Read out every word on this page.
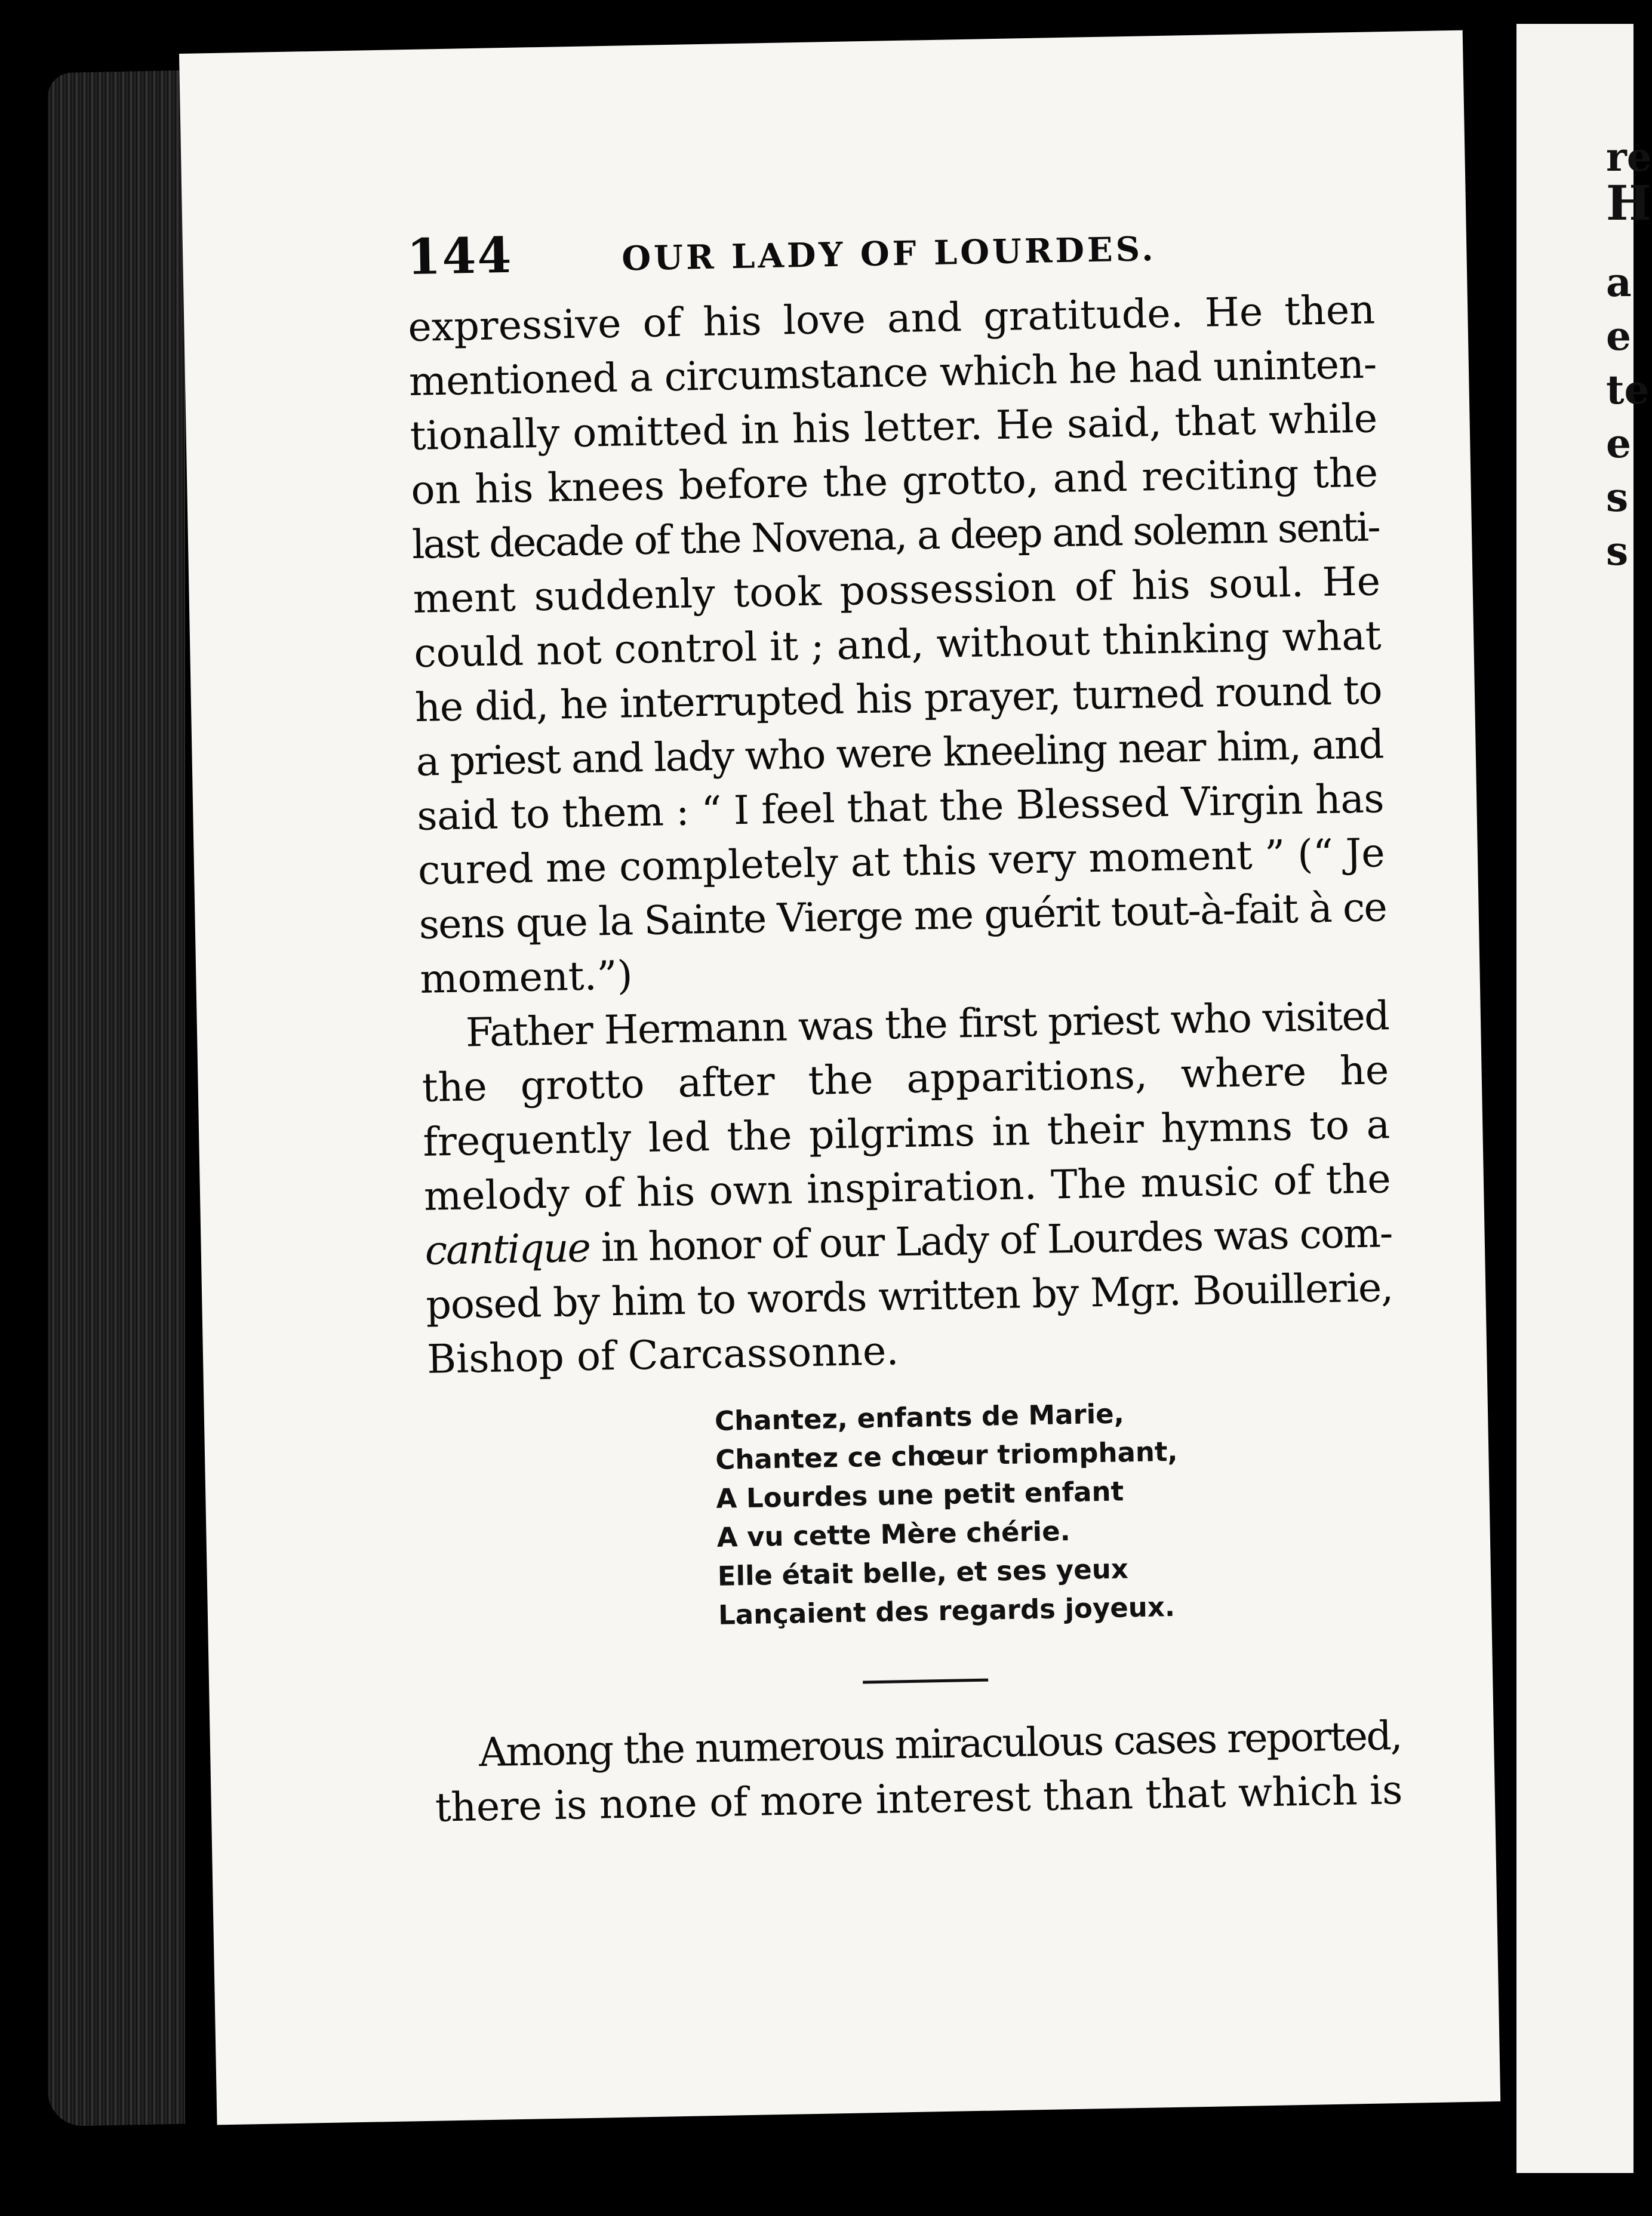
re
H
a
e
te
e
s
s
144	OUR LADY OF LOURDES.

expressive of his love and gratitude. He then
mentioned a circumstance which he had uninten-
tionally omitted in his letter. He said, that while
on his knees before the grotto, and reciting the
last decade of the Novena, a deep and solemn senti-
ment suddenly took possession of his soul. He
could not control it ; and, without thinking what
he did, he interrupted his prayer, turned round to
a priest and lady who were kneeling near him, and
said to them : “ I feel that the Blessed Virgin has
cured me completely at this very moment ” (“ Je
sens que la Sainte Vierge me guérit tout-à-fait à ce
moment.”)

Father Hermann was the first priest who visited
the grotto after the apparitions, where he
frequently led the pilgrims in their hymns to a
melody of his own inspiration. The music of the
cantique in honor of our Lady of Lourdes was com-
posed by him to words written by Mgr. Bouillerie,
Bishop of Carcassonne.

Chantez, enfants de Marie,
Chantez ce chœur triomphant,
A Lourdes une petit enfant
A vu cette Mère chérie.
Elle était belle, et ses yeux
Lançaient des regards joyeux.

Among the numerous miraculous cases reported,
there is none of more interest than that which is
